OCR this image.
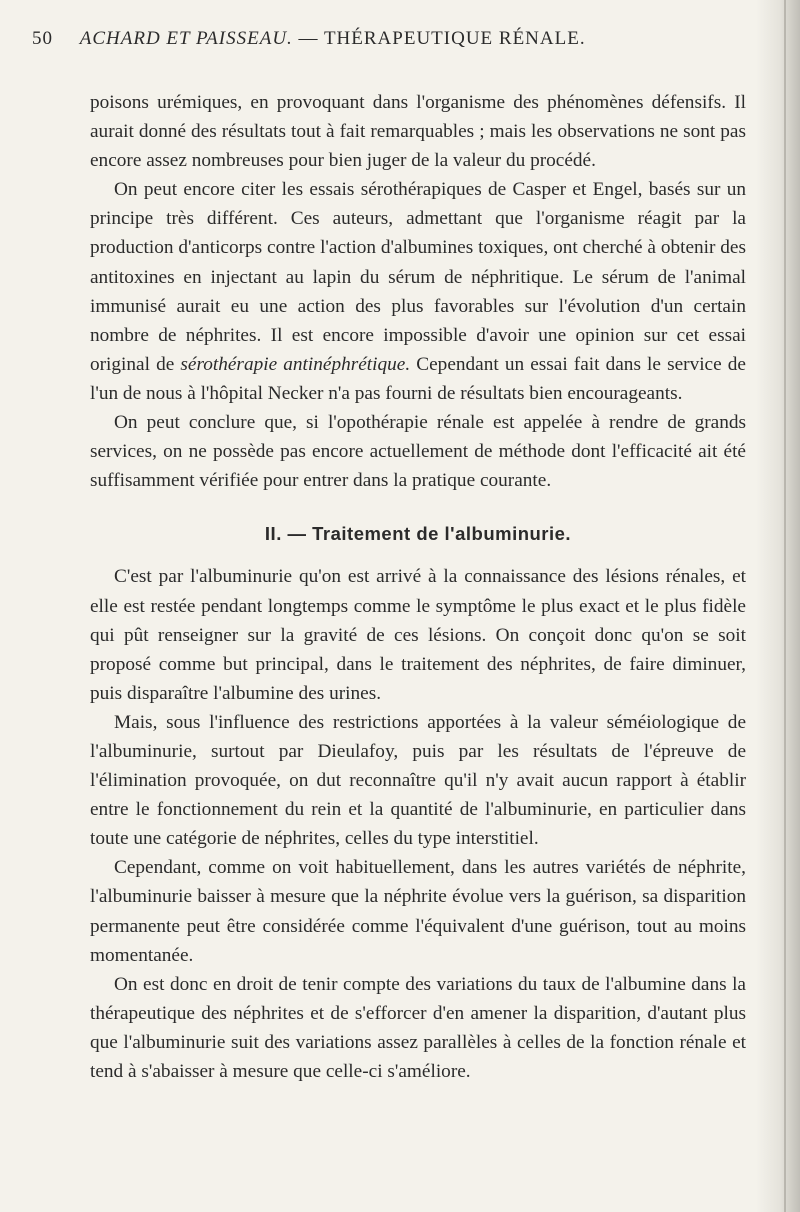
50 ACHARD ET PAISSEAU. — THÉRAPEUTIQUE RÉNALE.

poisons urémiques, en provoquant dans l'organisme des phénomènes défensifs. Il aurait donné des résultats tout à fait remarquables ; mais les observations ne sont pas encore assez nombreuses pour bien juger de la valeur du procédé.

On peut encore citer les essais sérothérapiques de Casper et Engel, basés sur un principe très différent. Ces auteurs, admettant que l'organisme réagit par la production d'anticorps contre l'action d'albumines toxiques, ont cherché à obtenir des antitoxines en injectant au lapin du sérum de néphritique. Le sérum de l'animal immunisé aurait eu une action des plus favorables sur l'évolution d'un certain nombre de néphrites. Il est encore impossible d'avoir une opinion sur cet essai original de sérothérapie antinéphrétique. Cependant un essai fait dans le service de l'un de nous à l'hôpital Necker n'a pas fourni de résultats bien encourageants.

On peut conclure que, si l'opothérapie rénale est appelée à rendre de grands services, on ne possède pas encore actuellement de méthode dont l'efficacité ait été suffisamment vérifiée pour entrer dans la pratique courante.

II. — Traitement de l'albuminurie.

C'est par l'albuminurie qu'on est arrivé à la connaissance des lésions rénales, et elle est restée pendant longtemps comme le symptôme le plus exact et le plus fidèle qui pût renseigner sur la gravité de ces lésions. On conçoit donc qu'on se soit proposé comme but principal, dans le traitement des néphrites, de faire diminuer, puis disparaître l'albumine des urines.

Mais, sous l'influence des restrictions apportées à la valeur séméiologique de l'albuminurie, surtout par Dieulafoy, puis par les résultats de l'épreuve de l'élimination provoquée, on dut reconnaître qu'il n'y avait aucun rapport à établir entre le fonctionnement du rein et la quantité de l'albuminurie, en particulier dans toute une catégorie de néphrites, celles du type interstitiel.

Cependant, comme on voit habituellement, dans les autres variétés de néphrite, l'albuminurie baisser à mesure que la néphrite évolue vers la guérison, sa disparition permanente peut être considérée comme l'équivalent d'une guérison, tout au moins momentanée.

On est donc en droit de tenir compte des variations du taux de l'albumine dans la thérapeutique des néphrites et de s'efforcer d'en amener la disparition, d'autant plus que l'albuminurie suit des variations assez parallèles à celles de la fonction rénale et tend à s'abaisser à mesure que celle-ci s'améliore.
